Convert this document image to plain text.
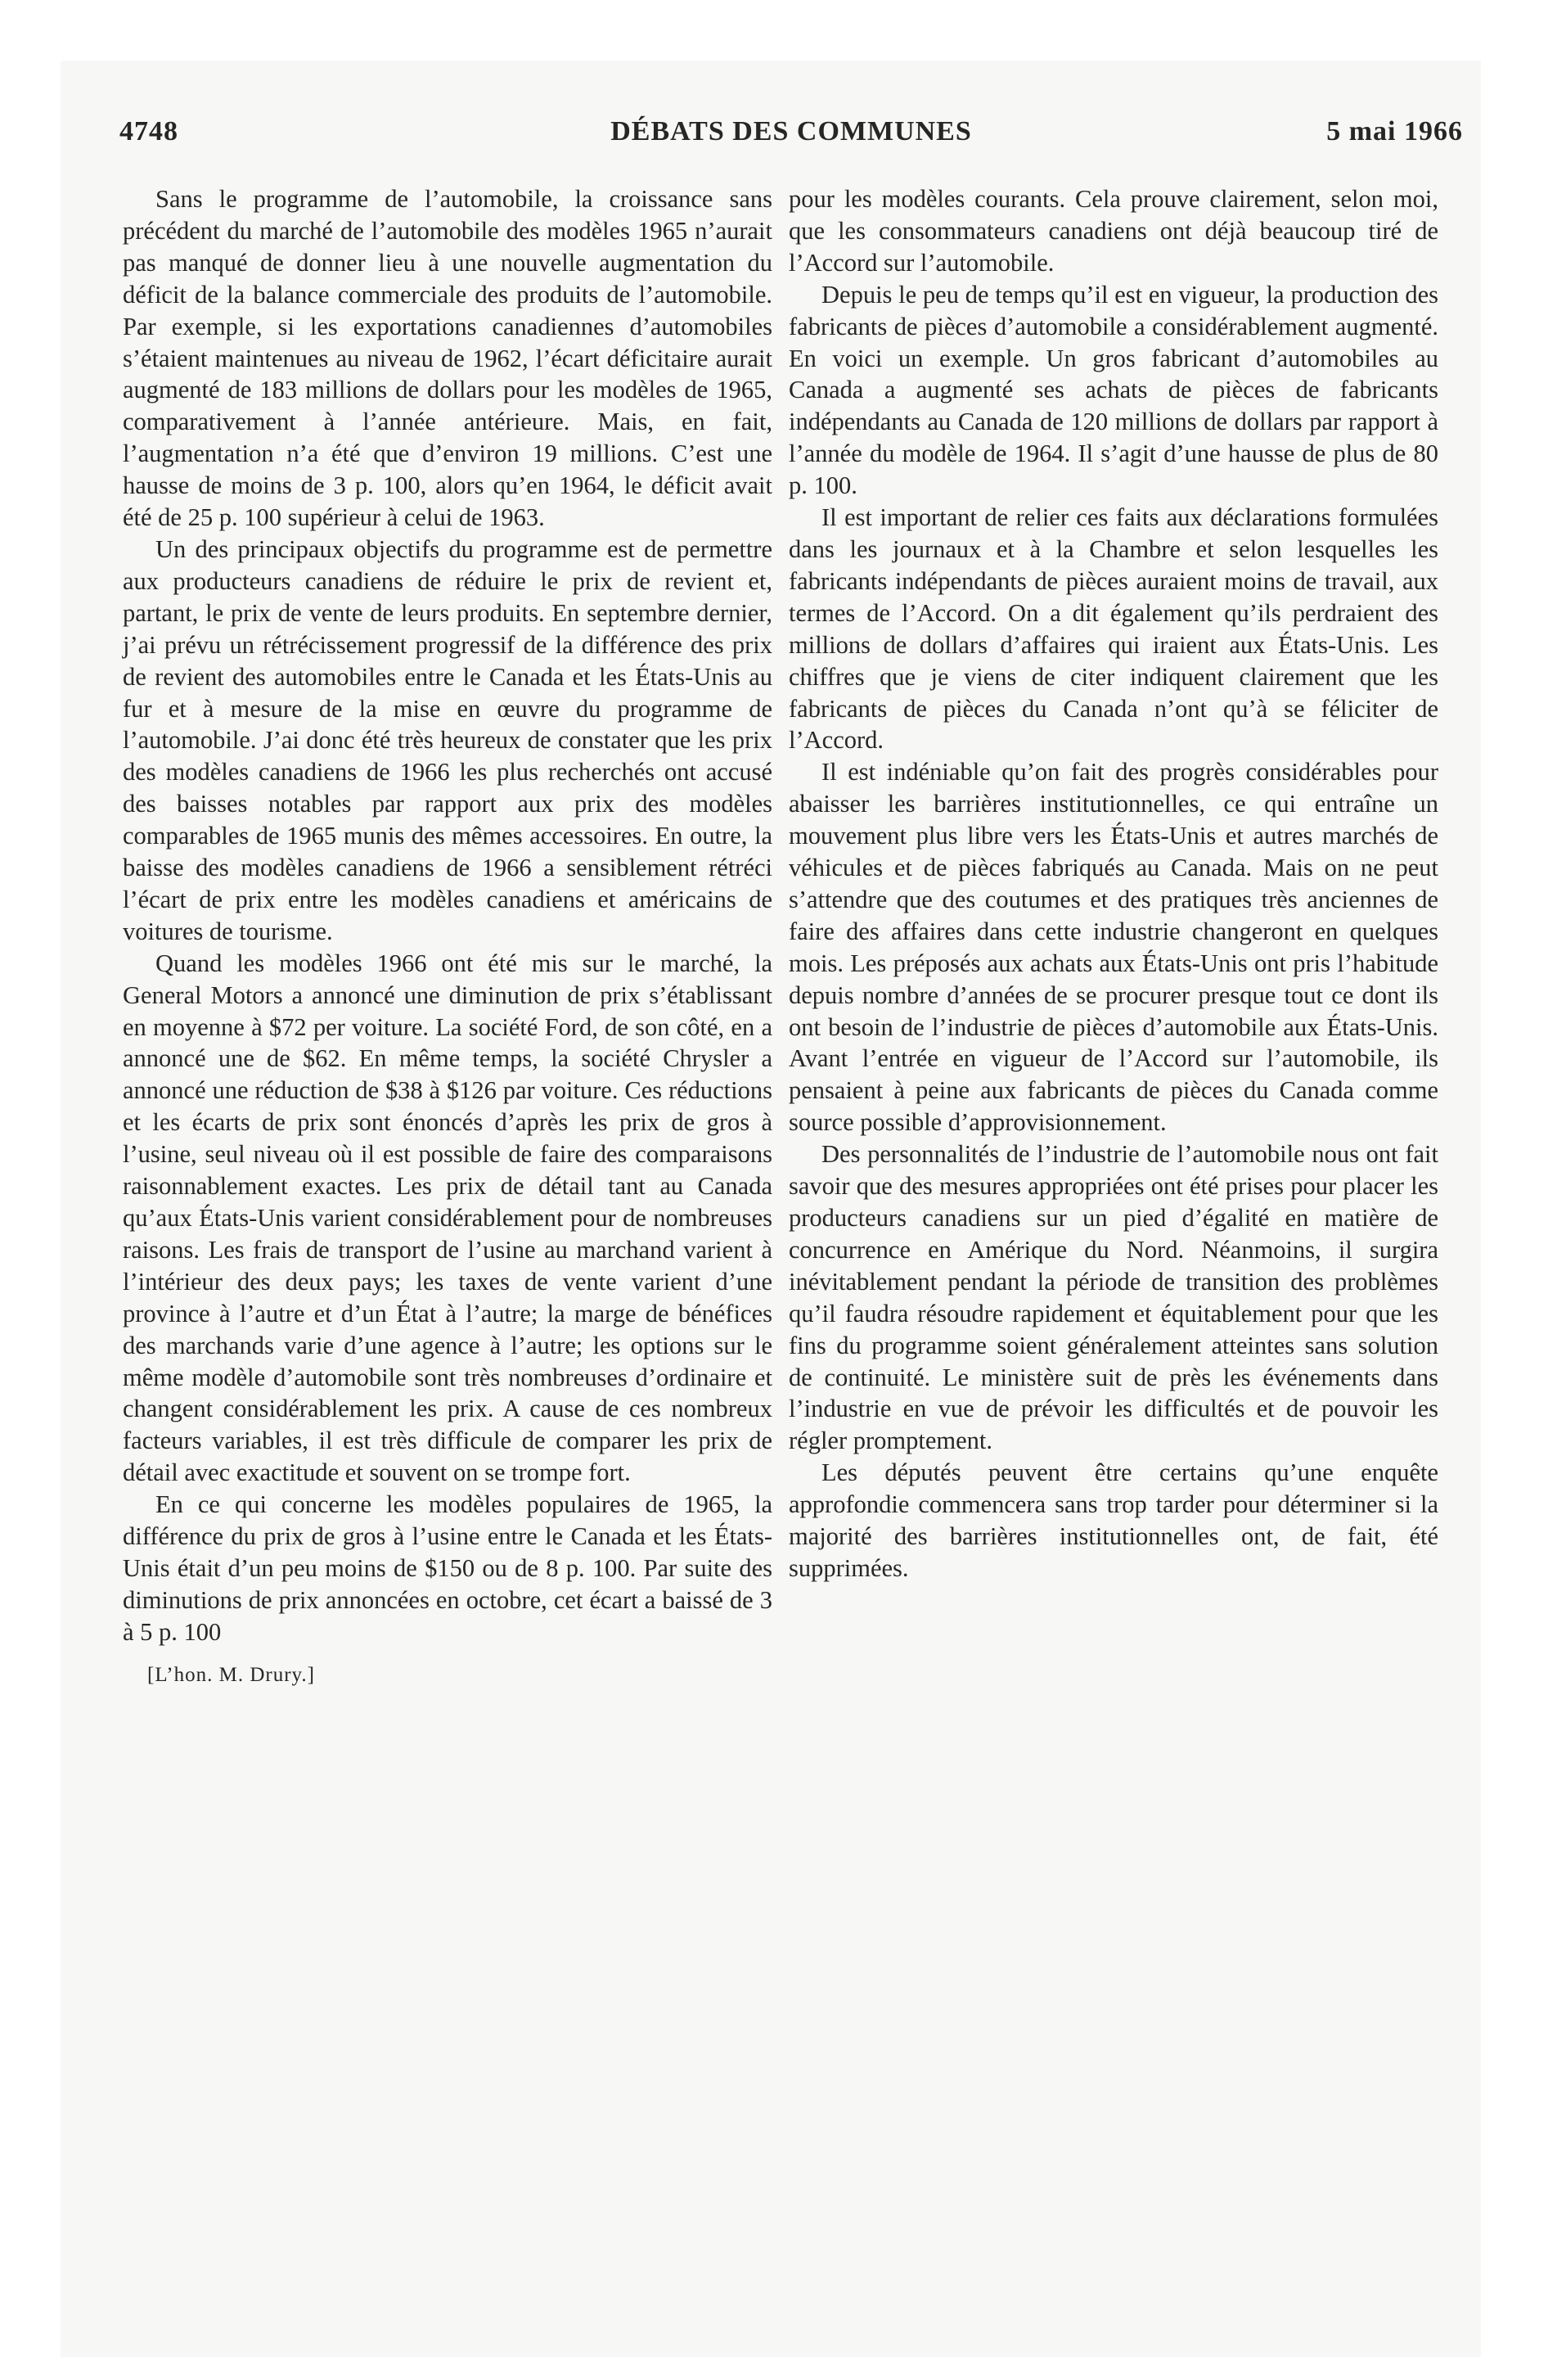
4748	DÉBATS DES COMMUNES	5 mai 1966

Sans le programme de l’automobile, la croissance sans précédent du marché de l’automobile des modèles 1965 n’aurait pas manqué de donner lieu à une nouvelle augmentation du déficit de la balance commerciale des produits de l’automobile. Par exemple, si les exportations canadiennes d’automobiles s’étaient maintenues au niveau de 1962, l’écart déficitaire aurait augmenté de 183 millions de dollars pour les modèles de 1965, comparativement à l’année antérieure. Mais, en fait, l’augmentation n’a été que d’environ 19 millions. C’est une hausse de moins de 3 p. 100, alors qu’en 1964, le déficit avait été de 25 p. 100 supérieur à celui de 1963.

Un des principaux objectifs du programme est de permettre aux producteurs canadiens de réduire le prix de revient et, partant, le prix de vente de leurs produits. En septembre dernier, j’ai prévu un rétrécissement progressif de la différence des prix de revient des automobiles entre le Canada et les États-Unis au fur et à mesure de la mise en œuvre du programme de l’automobile. J’ai donc été très heureux de constater que les prix des modèles canadiens de 1966 les plus recherchés ont accusé des baisses notables par rapport aux prix des modèles comparables de 1965 munis des mêmes accessoires. En outre, la baisse des modèles canadiens de 1966 a sensiblement rétréci l’écart de prix entre les modèles canadiens et américains de voitures de tourisme.

Quand les modèles 1966 ont été mis sur le marché, la General Motors a annoncé une diminution de prix s’établissant en moyenne à $72 per voiture. La société Ford, de son côté, en a annoncé une de $62. En même temps, la société Chrysler a annoncé une réduction de $38 à $126 par voiture. Ces réductions et les écarts de prix sont énoncés d’après les prix de gros à l’usine, seul niveau où il est possible de faire des comparaisons raisonnablement exactes. Les prix de détail tant au Canada qu’aux États-Unis varient considérablement pour de nombreuses raisons. Les frais de transport de l’usine au marchand varient à l’intérieur des deux pays; les taxes de vente varient d’une province à l’autre et d’un État à l’autre; la marge de bénéfices des marchands varie d’une agence à l’autre; les options sur le même modèle d’automobile sont très nombreuses d’ordinaire et changent considérablement les prix. A cause de ces nombreux facteurs variables, il est très difficule de comparer les prix de détail avec exactitude et souvent on se trompe fort.

En ce qui concerne les modèles populaires de 1965, la différence du prix de gros à l’usine entre le Canada et les États-Unis était d’un peu moins de $150 ou de 8 p. 100. Par suite des diminutions de prix annoncées en octobre, cet écart a baissé de 3 à 5 p. 100

[L’hon. M. Drury.]

pour les modèles courants. Cela prouve clairement, selon moi, que les consommateurs canadiens ont déjà beaucoup tiré de l’Accord sur l’automobile.

Depuis le peu de temps qu’il est en vigueur, la production des fabricants de pièces d’automobile a considérablement augmenté. En voici un exemple. Un gros fabricant d’automobiles au Canada a augmenté ses achats de pièces de fabricants indépendants au Canada de 120 millions de dollars par rapport à l’année du modèle de 1964. Il s’agit d’une hausse de plus de 80 p. 100.

Il est important de relier ces faits aux déclarations formulées dans les journaux et à la Chambre et selon lesquelles les fabricants indépendants de pièces auraient moins de travail, aux termes de l’Accord. On a dit également qu’ils perdraient des millions de dollars d’affaires qui iraient aux États-Unis. Les chiffres que je viens de citer indiquent clairement que les fabricants de pièces du Canada n’ont qu’à se féliciter de l’Accord.

Il est indéniable qu’on fait des progrès considérables pour abaisser les barrières institutionnelles, ce qui entraîne un mouvement plus libre vers les États-Unis et autres marchés de véhicules et de pièces fabriqués au Canada. Mais on ne peut s’attendre que des coutumes et des pratiques très anciennes de faire des affaires dans cette industrie changeront en quelques mois. Les préposés aux achats aux États-Unis ont pris l’habitude depuis nombre d’années de se procurer presque tout ce dont ils ont besoin de l’industrie de pièces d’automobile aux États-Unis. Avant l’entrée en vigueur de l’Accord sur l’automobile, ils pensaient à peine aux fabricants de pièces du Canada comme source possible d’approvisionnement.

Des personnalités de l’industrie de l’automobile nous ont fait savoir que des mesures appropriées ont été prises pour placer les producteurs canadiens sur un pied d’égalité en matière de concurrence en Amérique du Nord. Néanmoins, il surgira inévitablement pendant la période de transition des problèmes qu’il faudra résoudre rapidement et équitablement pour que les fins du programme soient généralement atteintes sans solution de continuité. Le ministère suit de près les événements dans l’industrie en vue de prévoir les difficultés et de pouvoir les régler promptement.

Les députés peuvent être certains qu’une enquête approfondie commencera sans trop tarder pour déterminer si la majorité des barrières institutionnelles ont, de fait, été supprimées.
